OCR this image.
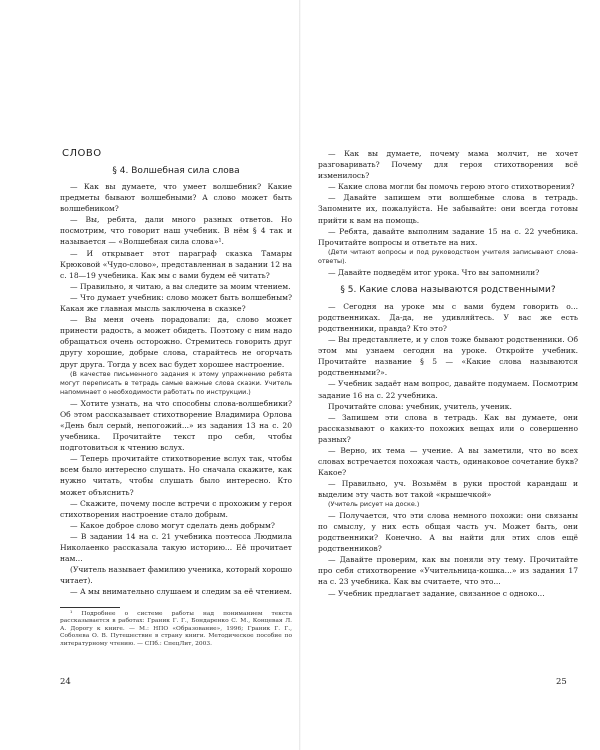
СЛОВО
§ 4. Волшебная сила слова

— Как вы думаете, что умеет волшебник? Какие предметы бывают волшебными? А слово может быть волшебником?

— Вы, ребята, дали много разных ответов. Но посмотрим, что говорит наш учебник. В нём § 4 так и называется — «Волшебная сила слова»¹.

— И открывает этот параграф сказка Тамары Крюковой «Чудо-слово», представленная в задании 12 на с. 18—19 учебника. Как мы с вами будем её читать?

— Правильно, я читаю, а вы следите за моим чтением.

— Что думает учебник: слово может быть волшебным? Какая же главная мысль заключена в сказке?

— Вы меня очень порадовали: да, слово может принести радость, а может обидеть. Поэтому с ним надо обращаться очень осторожно. Стремитесь говорить друг другу хорошие, добрые слова, старайтесь не огорчать друг друга. Тогда у всех вас будет хорошее настроение.

(В качестве письменного задания к этому упражнению ребята могут переписать в тетрадь самые важные слова сказки. Учитель напоминает о необходимости работать по инструкции.)

— Хотите узнать, на что способны слова-волшебники? Об этом рассказывает стихотворение Владимира Орлова «День был серый, непогожий...» из задания 13 на с. 20 учебника. Прочитайте текст про себя, чтобы подготовиться к чтению вслух.

— Теперь прочитайте стихотворение вслух так, чтобы всем было интересно слушать. Но сначала скажите, как нужно читать, чтобы слушать было интересно. Кто может объяснить?

— Скажите, почему после встречи с прохожим у героя стихотворения настроение стало добрым.

— Какое доброе слово могут сделать день добрым?

— В задании 14 на с. 21 учебника поэтесса Людмила Николаенко рассказала такую историю... Её прочитает нам...

(Учитель называет фамилию ученика, который хорошо читает).

— А мы внимательно слушаем и следим за её чтением.

¹ Подробнее о системе работы над пониманием текста рассказывается в работах: Граник Г. Г., Бондаренко С. М., Концевая Л. А. Дорогу к книге. — М.: НПО «Образование», 1996; Граник Г. Г., Соболева О. В. Путешествие в страну книги. Методическое пособие по литературному чтению. — СПб.: СпецЛит, 2003.

24

— Как вы думаете, почему мама молчит, не хочет разговаривать? Почему для героя стихотворения всё изменилось?

— Какие слова могли бы помочь герою этого стихотворения?

— Давайте запишем эти волшебные слова в тетрадь. Запомните их, пожалуйста. Не забывайте: они всегда готовы прийти к вам на помощь.

— Ребята, давайте выполним задание 15 на с. 22 учебника. Прочитайте вопросы и ответьте на них.

(Дети читают вопросы и под руководством учителя записывают слова-ответы).

— Давайте подведём итог урока. Что вы запомнили?

§ 5. Какие слова называются родственными?

— Сегодня на уроке мы с вами будем говорить о... родственниках. Да-да, не удивляйтесь. У вас же есть родственники, правда? Кто это?

— Вы представляете, и у слов тоже бывают родственники. Об этом мы узнаем сегодня на уроке. Откройте учебник. Прочитайте название § 5 — «Какие слова называются родственными?».

— Учебник задаёт нам вопрос, давайте подумаем. Посмотрим задание 16 на с. 22 учебника.

Прочитайте слова: учебник, учитель, ученик.

— Запишем эти слова в тетрадь. Как вы думаете, они рассказывают о каких-то похожих вещах или о совершенно разных?

— Верно, их тема — учение. А вы заметили, что во всех словах встречается похожая часть, одинаковое сочетание букв? Какое?

— Правильно, уч. Возьмём в руки простой карандаш и выделим эту часть вот такой «крышечкой»

(Учитель рисует на доске.)

— Получается, что эти слова немного похожи: они связаны по смыслу, у них есть общая часть уч. Может быть, они родственники? Конечно. А вы найти для этих слов ещё родственников?

— Давайте проверим, как вы поняли эту тему. Прочитайте про себя стихотворение «Учительница-кошка...» из задания 17 на с. 23 учебника. Как вы считаете, что это...

— Учебник предлагает задание, связанное с одноко...

25
